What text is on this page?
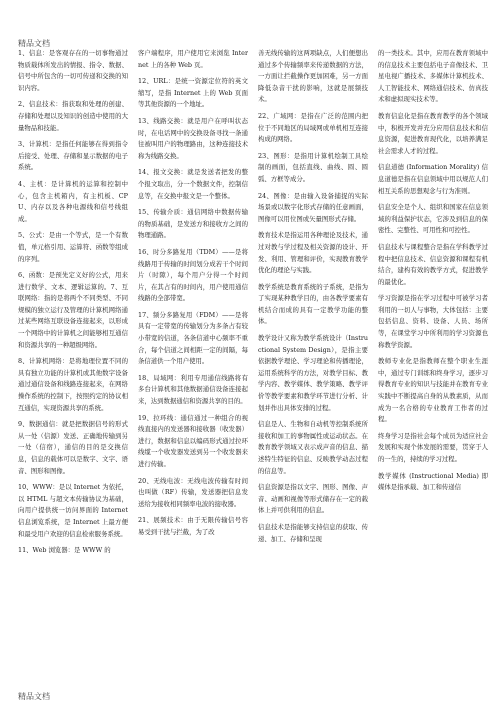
精品文档

1、信息：是客观存在的一切事物通过物质载体所发出的情报、指令、数据、信号中所包含的一切可传递和交换的知识内容。

2、信息技术：指获取和处理的创建、存储和处理以及知识的创造中使用的大量物品和技能。

3、计算机：是指任何能够在得到指令后接受、处理、存储和显示数据的电子系统。

4、主机：是计算机的运算和控制中心，包含主机箱内，有主机板、CPU、内存以及各种电源线和信号线组成。

5、公式：是由一个等式，是一个有数值，单元格引用、运算符、函数等组成的序列。

6、函数：是预先定义好的公式，用来进行数学、文本、逻辑运算的。7、互联网络：指的是将两个不同类型、不同规模的独立运行及管理的计算机网络通过某些网络互联设备连接起来，以形成一个网络中的计算机之间能够相互通信和资源共享的一种超级网络。

8、计算机网络：是将地理位置不同的具有独立功能的计算机或其他数字设备通过通信设备和线路连接起来，在网络操作系统的控制下，按照约定的协议相互通信，实现资源共享的系统。

9、数据通信：就是把数据信号的形式从一处（信源）发送、正确地传输到另一处（信宿），通信的目的是交换信息，信息的载体可以是数字、文字、语音、图形和图像。

10、WWW：是以 Internet 为依托，以 HTML 与超文本传输协议为基础，向用户提供统一访问界面的 Internet 信息浏览系统，是 Internet 上最方便和最受用户欢迎的信息检索服务系统。

11、Web 浏览器：是 WWW 的

客户端程序，用户使用它来浏览 Internet 上的各种 Web 页。

12、URL：是统一资源定位符的英文缩写，是指 Internet 上的 Web 页面等其他资源的一个地址。

13、线路交换：就是用户在呼叫状态时，在电话网中的交换设备寻找一条通往被叫用户的物理路由，这种连接技术称为线路交换。

14、报文交换：就是发送者把发的整个报文取出，分一个数据文件，控制信息等，在交换中报文是一个整体。

15、传输介质：通信网络中数据传输的物质基础，是发送方和接收方之间的物理通路。

16、时分多路复用（TDM）——是将线路用于传输的时间划分成若干个时间片（时隙），每个用户分得一个时间片，在其占有的时间内，用户使用通信线路的全部带宽。

17、频分多路复用（FDM）——是将具有一定带宽的传输划分为多条占有较小带宽的信道，各条信道中心频率不重合，每个信道之间相距一定的间隔，每条信道供一个用户使用。

18、局域网：利用专用通信线路将有多台计算机和其他数据通信设备连接起来，达到数据通信和资源共享的目的。

19、拉环线：通信通过一种组合的视线直接内的发送器和接收器（收发器）进行，数据和信息以编码形式通过拉环线缆一个收发器发送到另一个收发器来进行传输。

20、无线电波：无线电波传输有时间也叫做（RF）传输，发送器把信息发送给为接收相同频率电波的接收器。

21、展频技术：由于无限传输信号容易受到干扰与拦截，为了改

善无线传输的这两项缺点，人们便想出通过多个传输频率来传递数据的方法，一方面让拦截操作更加困难，另一方面降低杂音干扰的影响，这就是展频技术。

22、广域网：是指在广泛的范围内把位于不同地区的局域网或单机相互连接构成的网络。

23、图形：是指用计算机绘制工具绘制的画面，包括直线、曲线、圆、圆弧、方框等成分。

24、图像：是由输入设备捕捉的实际场景或以数字化形式存储的任意画面，图像可以用位图或矢量图形式存储。

教育技术是指运用各种理论及技术，通过对教与学过程及相关资源的设计、开发、利用、管理和评价，实现教育教学优化的理论与实践。

教学系统是教育系统的子系统，是指为了实现某种教学目的，由各教学要素有机结合而成的具有一定教学功能的整体。

教学设计又称为教学系统设计（Instructional System Design），是指主要依据教学理论、学习理论和传播理论，运用系统科学的方法，对教学目标、教学内容、教学媒体、教学策略、教学评价等教学要素和教学环节进行分析、计划并作出具体安排的过程。

信息是人、生物和自动机等控制系统所接收和加工的事物属性或运动状态。在教育教学领域又表示成声音的信息、描述特生特征的信息、反映教学动态过程的信息等。

信息资源是指以文字、图形、图像、声音、动画和视像等形式储存在一定的载体上并可供利用的信息。

信息技术是指能够支持信息的获取、传递、加工、存储和呈现

的一类技术。其中，应用在教育领域中的信息技术主要包括电子音像技术、卫星电视广播技术、多媒体计算机技术、人工智能技术、网络通信技术、仿真技术和虚拟现实技术等。

教育信息化是指在教育教学的各个领域中，积极开发并充分应用信息技术和信息资源，促进教育现代化，以培养满足社会需求人才的过程。

信息道德 (Information Morality) 信息道德是指在信息领域中用以规范人们相互关系的思想观念与行为准则。

信息安全是个人、组织和国家在信息领域的利益保护状态，它涉及到信息的保密性、完整性、可用性和可控性。

信息技术与课程整合是指在学科教学过程中把信息技术、信息资源和课程有机结合，建构有效的教学方式，促进教学的最优化。

学习资源是指在学习过程中可被学习者利用的一切人与事物，大体包括：主要包括信息、资料、设备、人员、场所等，在课堂学习中所利用的学习资源也称教学资源。

教师专业化是指教师在整个职业生涯中，通过专门训练和终身学习，逐步习得教育专业的知识与技能并在教育专业实践中不断提高自身的从教素质，从而成为一名合格的专业教育工作者的过程。

终身学习是指社会每个成员为适应社会发展和实现个体发展的需要，贯穿于人的一生的，持续的学习过程。

教学媒体 (Instructional Media) 即媒体是指承载、加工和传递信

精品文档
